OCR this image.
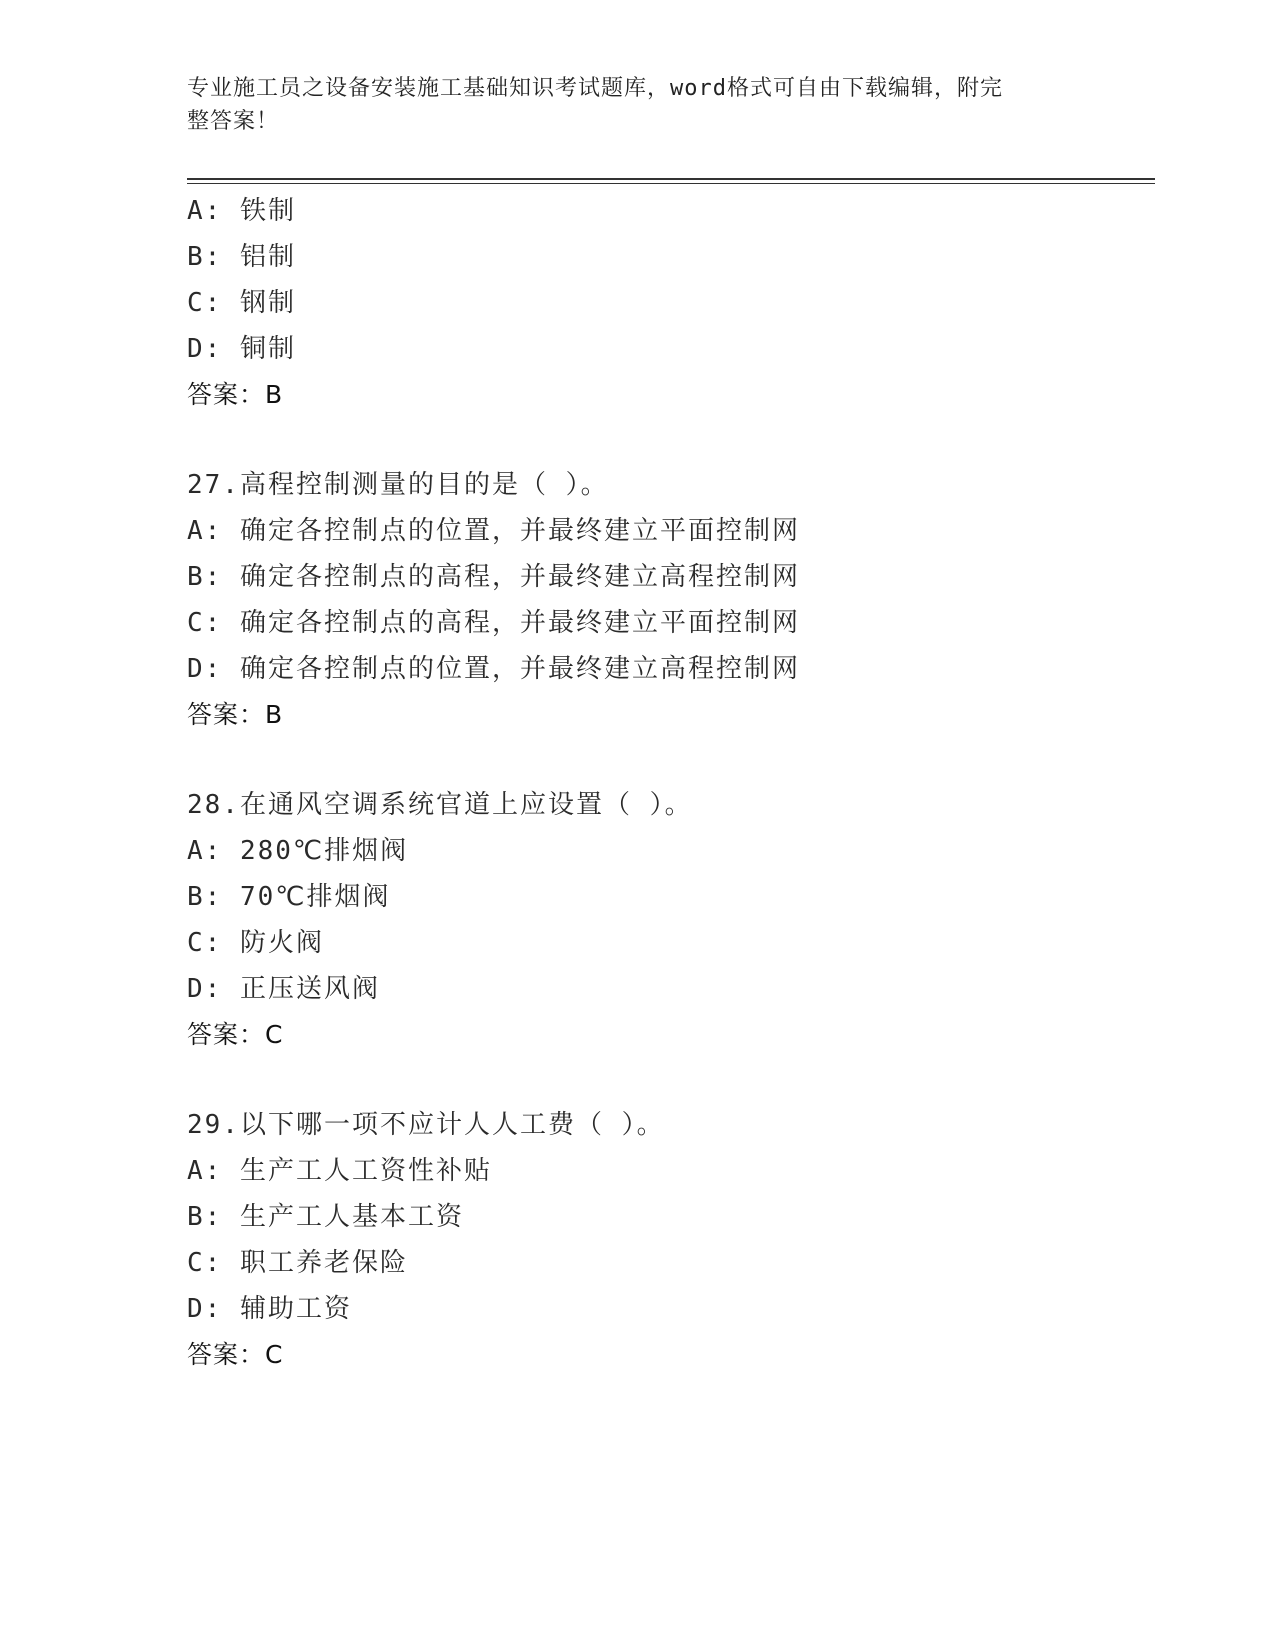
专业施工员之设备安装施工基础知识考试题库，word格式可自由下载编辑，附完
整答案！
A: 铁制
B: 铝制
C: 钢制
D: 铜制
答案：B
27.高程控制测量的目的是（ ）。
A: 确定各控制点的位置，并最终建立平面控制网
B: 确定各控制点的高程，并最终建立高程控制网
C: 确定各控制点的高程，并最终建立平面控制网
D: 确定各控制点的位置，并最终建立高程控制网
答案：B
28.在通风空调系统官道上应设置（ ）。
A: 280℃排烟阀
B: 70℃排烟阀
C: 防火阀
D: 正压送风阀
答案：C
29.以下哪一项不应计人人工费（ ）。
A: 生产工人工资性补贴
B: 生产工人基本工资
C: 职工养老保险
D: 辅助工资
答案：C
